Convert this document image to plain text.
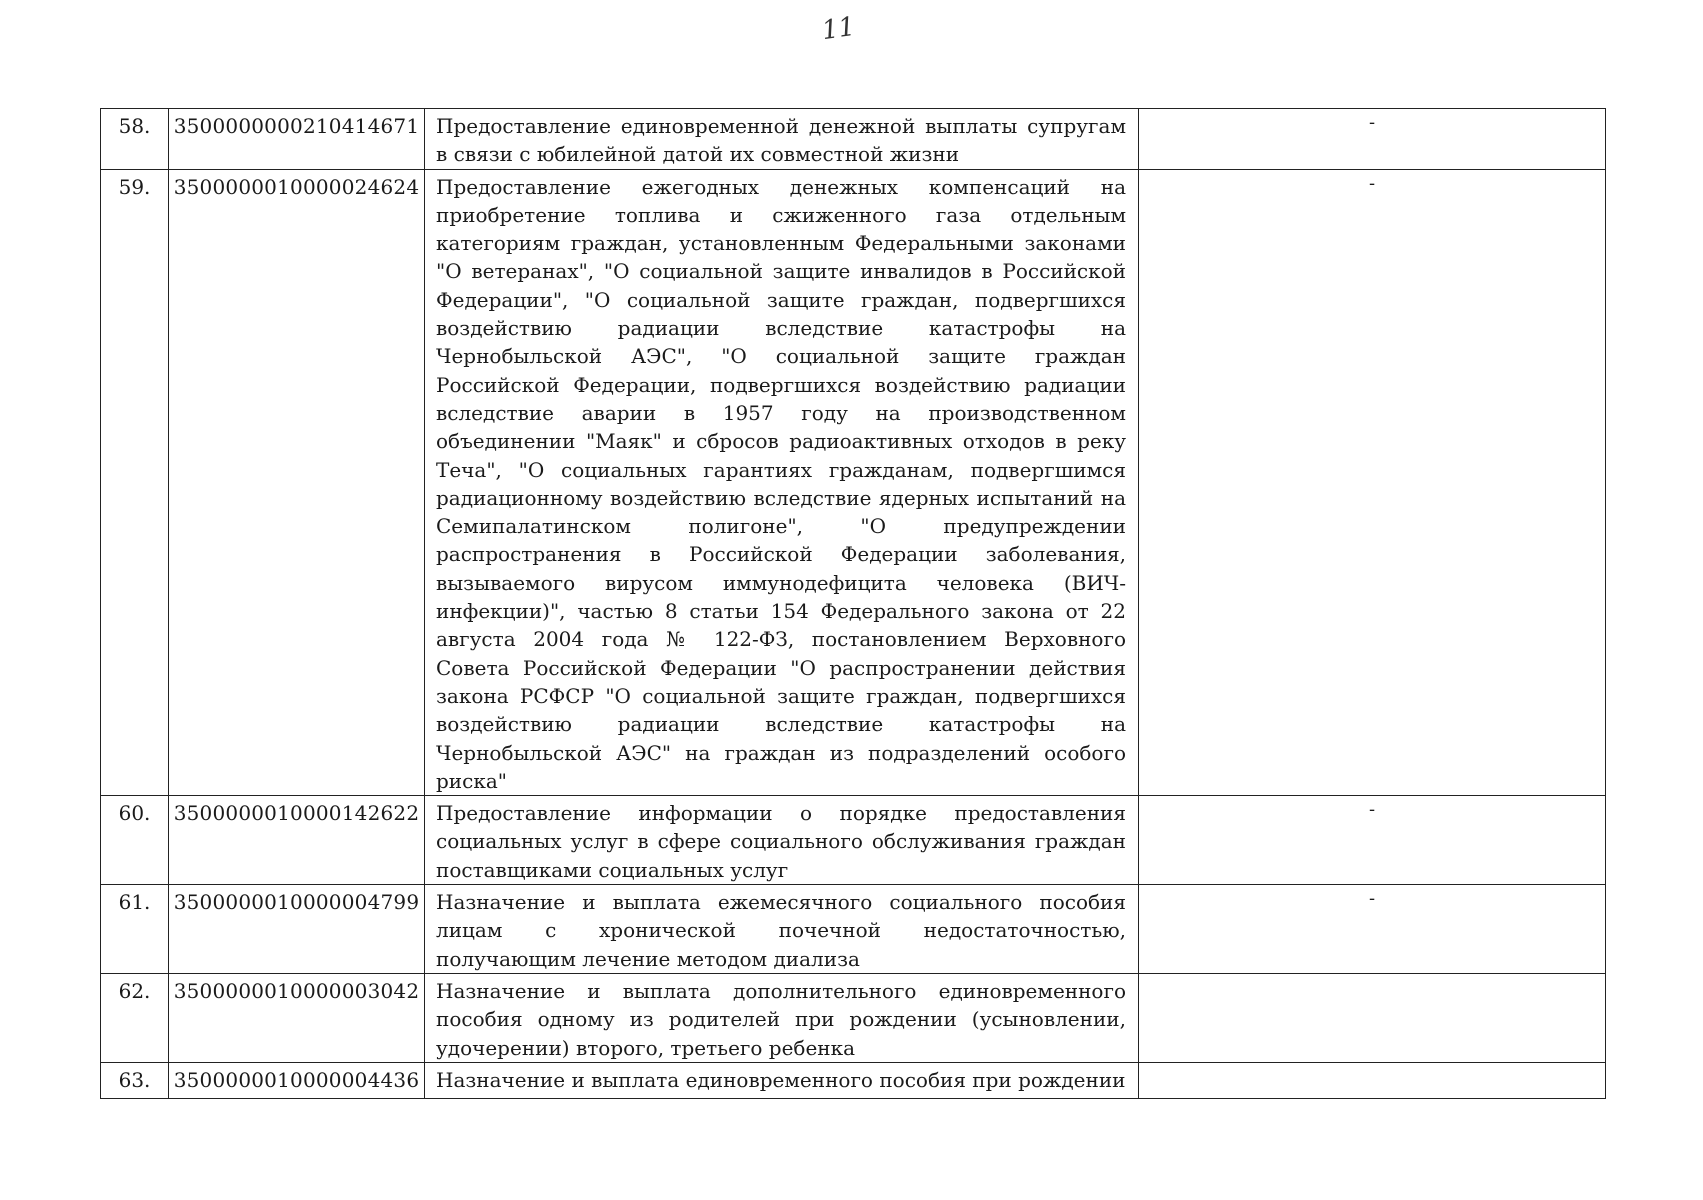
11
58.	3500000000210414671	Предоставление единовременной денежной выплаты супругам в связи с юбилейной датой их совместной жизни	-
59.	3500000010000024624	Предоставление ежегодных денежных компенсаций на приобретение топлива и сжиженного газа отдельным категориям граждан, установленным Федеральными законами "О ветеранах", "О социальной защите инвалидов в Российской Федерации", "О социальной защите граждан, подвергшихся воздействию радиации вследствие катастрофы на Чернобыльской АЭС", "О социальной защите граждан Российской Федерации, подвергшихся воздействию радиации вследствие аварии в 1957 году на производственном объединении "Маяк" и сбросов радиоактивных отходов в реку Теча", "О социальных гарантиях гражданам, подвергшимся радиационному воздействию вследствие ядерных испытаний на Семипалатинском полигоне", "О предупреждении распространения в Российской Федерации заболевания, вызываемого вирусом иммунодефицита человека (ВИЧ-инфекции)", частью 8 статьи 154 Федерального закона от 22 августа 2004 года № 122-ФЗ, постановлением Верховного Совета Российской Федерации "О распространении действия закона РСФСР "О социальной защите граждан, подвергшихся воздействию радиации вследствие катастрофы на Чернобыльской АЭС" на граждан из подразделений особого риска"	-
60.	3500000010000142622	Предоставление информации о порядке предоставления социальных услуг в сфере социального обслуживания граждан поставщиками социальных услуг	-
61.	3500000010000004799	Назначение и выплата ежемесячного социального пособия лицам с хронической почечной недостаточностью, получающим лечение методом диализа	-
62.	3500000010000003042	Назначение и выплата дополнительного единовременного пособия одному из родителей при рождении (усыновлении, удочерении) второго, третьего ребенка	
63.	3500000010000004436	Назначение и выплата единовременного пособия при рождении	
